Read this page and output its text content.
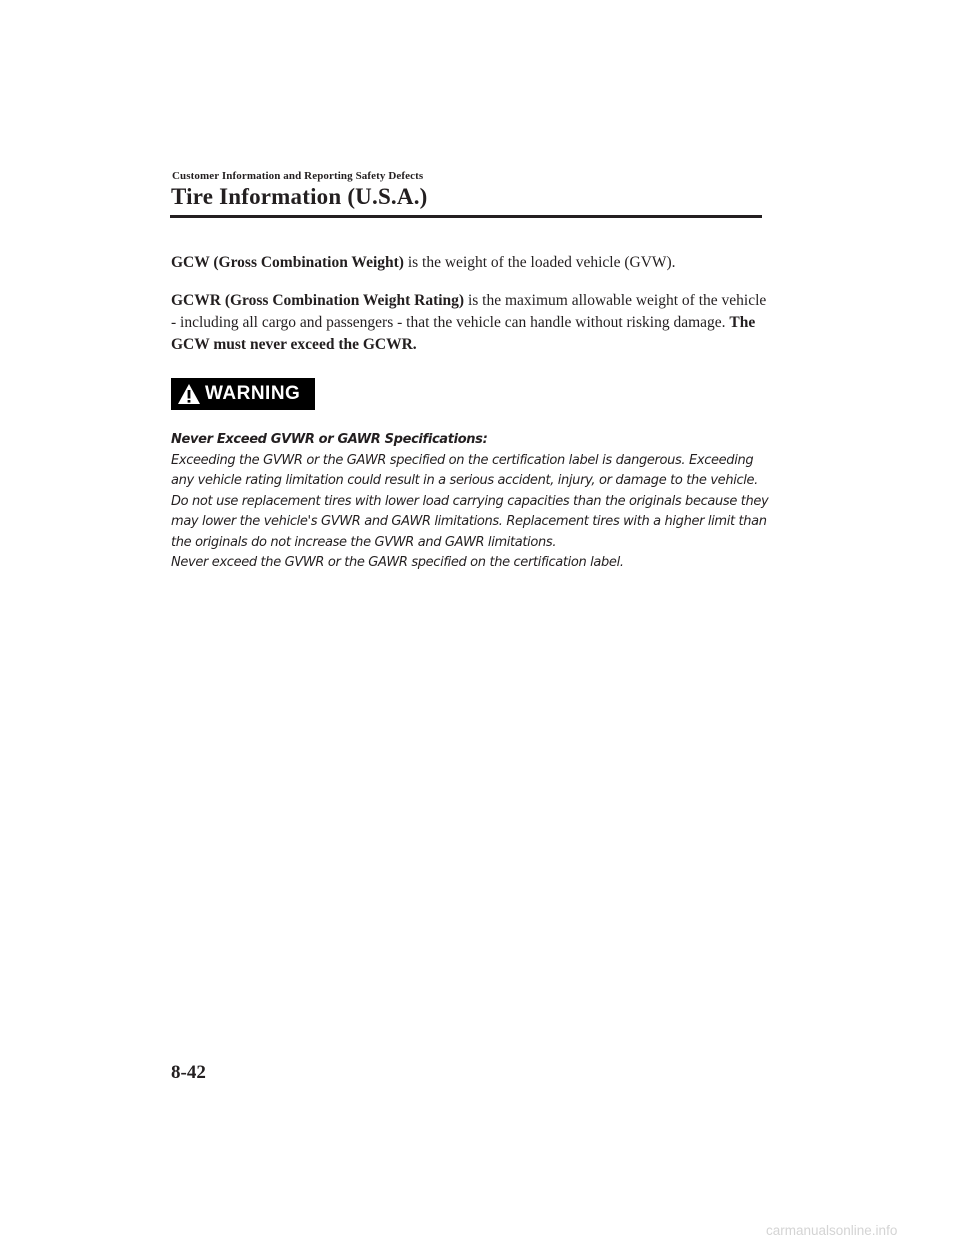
Customer Information and Reporting Safety Defects
Tire Information (U.S.A.)
GCW (Gross Combination Weight) is the weight of the loaded vehicle (GVW).
GCWR (Gross Combination Weight Rating) is the maximum allowable weight of the vehicle - including all cargo and passengers - that the vehicle can handle without risking damage. The GCW must never exceed the GCWR.
WARNING

Never Exceed GVWR or GAWR Specifications:

Exceeding the GVWR or the GAWR specified on the certification label is dangerous. Exceeding any vehicle rating limitation could result in a serious accident, injury, or damage to the vehicle.

Do not use replacement tires with lower load carrying capacities than the originals because they may lower the vehicle's GVWR and GAWR limitations. Replacement tires with a higher limit than the originals do not increase the GVWR and GAWR limitations.

Never exceed the GVWR or the GAWR specified on the certification label.

8-42
carmanualsonline.info
